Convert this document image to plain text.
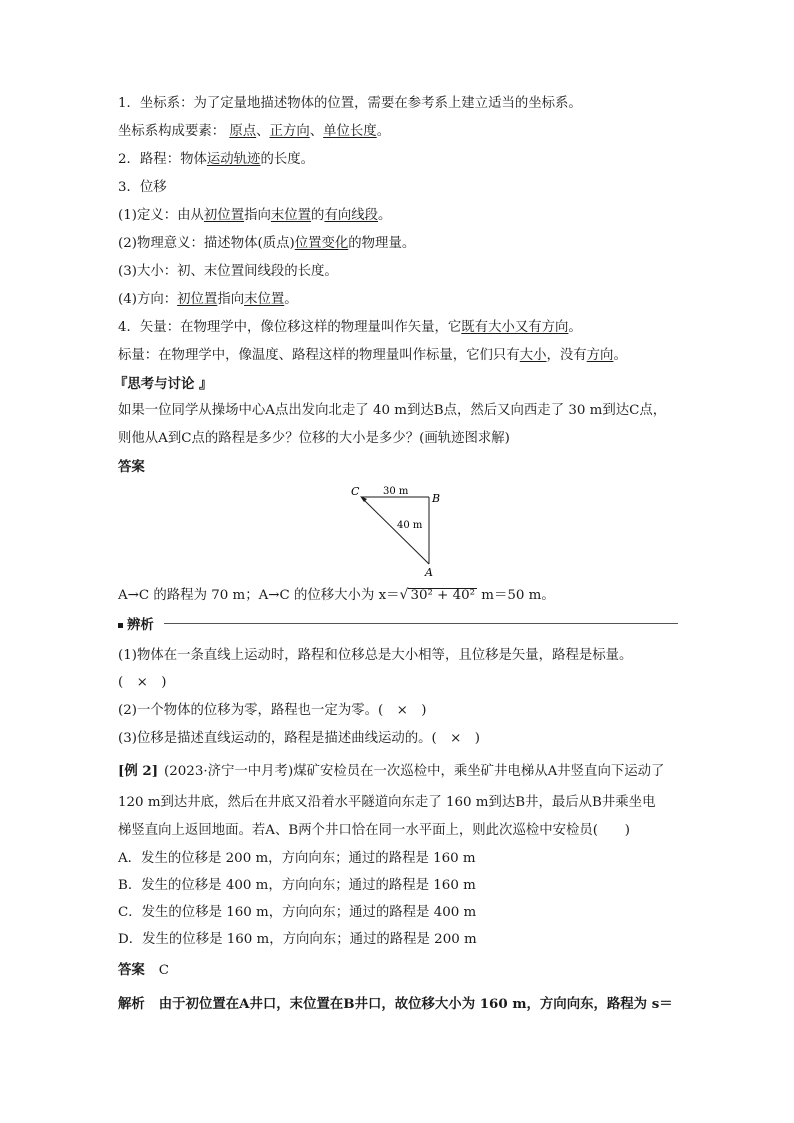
1．坐标系：为了定量地描述物体的位置，需要在参考系上建立适当的坐标系。
坐标系构成要素： 原点、正方向、单位长度。
2．路程：物体运动轨迹的长度。
3．位移
(1)定义：由从初位置指向末位置的有向线段。
(2)物理意义：描述物体(质点)位置变化的物理量。
(3)大小：初、末位置间线段的长度。
(4)方向：初位置指向末位置。
4．矢量：在物理学中，像位移这样的物理量叫作矢量，它既有大小又有方向。
标量：在物理学中，像温度、路程这样的物理量叫作标量，它们只有大小，没有方向。
『思考与讨论 』
如果一位同学从操场中心A点出发向北走了 40 m到达B点，然后又向西走了 30 m到达C点，
则他从A到C点的路程是多少？位移的大小是多少？(画轨迹图求解)
答案
C
B
A
30 m
40 m
A→C 的路程为 70 m；A→C 的位移大小为 x＝√ 30² + 40² m＝50 m。
辨析
(1)物体在一条直线上运动时，路程和位移总是大小相等，且位移是矢量，路程是标量。
(　×　)
(2)一个物体的位移为零，路程也一定为零。(　×　)
(3)位移是描述直线运动的，路程是描述曲线运动的。(　×　)
[例 2] (2023·济宁一中月考)煤矿安检员在一次巡检中，乘坐矿井电梯从A井竖直向下运动了
120 m到达井底，然后在井底又沿着水平隧道向东走了 160 m到达B井，最后从B井乘坐电
梯竖直向上返回地面。若A、B两个井口恰在同一水平面上，则此次巡检中安检员(　　)
A．发生的位移是 200 m，方向向东；通过的路程是 160 m
B．发生的位移是 400 m，方向向东；通过的路程是 160 m
C．发生的位移是 160 m，方向向东；通过的路程是 400 m
D．发生的位移是 160 m，方向向东；通过的路程是 200 m
答案 C
解析 由于初位置在A井口，末位置在B井口，故位移大小为 160 m，方向向东，路程为 s＝
